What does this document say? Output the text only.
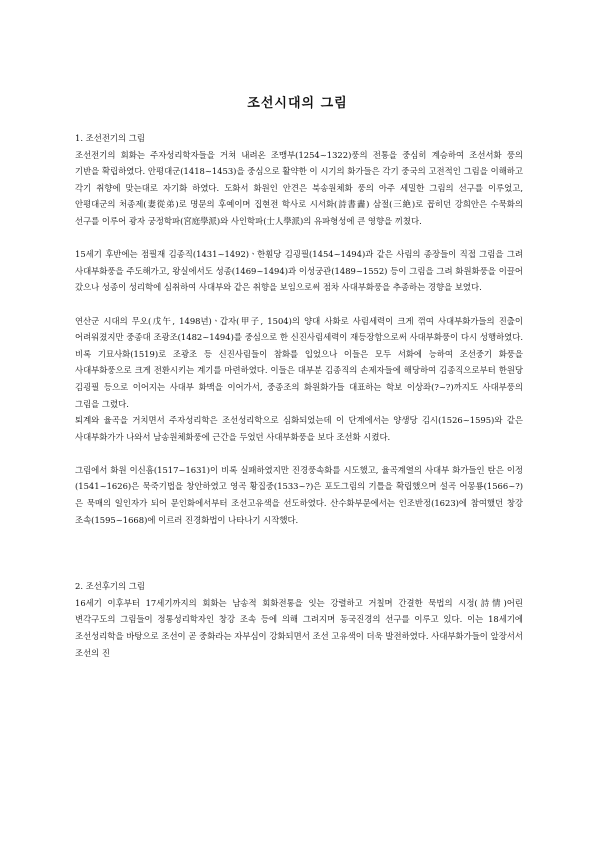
조선시대의 그림
1. 조선전기의 그림

조선전기의 회화는 주자성리학자들을 거쳐 내려온 조맹부(1254~1322)풍의 전통을 중심히 계승하여 조선서화 풍의 기반을 확립하였다. 안평대군(1418~1453)을 중심으로 활약한 이 시기의 화가들은 각기 중국의 고전적인 그림을 이해하고 각기 취향에 맞는대로 자기화 하였다. 도화서 화원인 안견은 북송원체화 풍의 아주 세밀한 그림의 선구를 이루었고, 안평대군의 처종제(妻從弟)로 명문의 후예이며 집현전 학사로 시서화(詩書畵) 삼절(三絶)로 꼽히던 강희안은 수묵화의 선구를 이루어 광자 궁정학파(宮庭學派)와 사인학파(士人學派)의 유파형성에 큰 영향을 끼쳤다.

15세기 후반에는 점필재 김종직(1431~1492)ㆍ한훤당 김굉필(1454~1494)과 같은 사림의 종장들이 직접 그림을 그려 사대부화풍을 주도해가고, 왕실에서도 성종(1469~1494)과 이성궁관(1489~1552) 등이 그림을 그려 화원화풍을 이끌어 갔으나 성종이 성리학에 심취하여 사대부와 같은 취향을 보임으로써 점차 사대부화풍을 추종하는 경향을 보였다.

연산군 시대의 무오(戊午, 1498년)ㆍ갑자(甲子, 1504)의 양대 사화로 사림세력이 크게 꺾여 사대부화가들의 진출이 어려워졌지만 중종대 조광조(1482~1494)를 중심으로 한 신진사림세력이 재등장함으로써 사대부화풍이 다시 성행하였다. 비록 기묘사화(1519)로 조광조 등 신진사림들이 참화를 입었으나 이들은 모두 서화에 능하여 조선중기 화풍을 사대부화풍으로 크게 전환시키는 계기를 마련하였다. 이들은 대부분 김종직의 손제자들에 해당하여 김종직으로부터 한원당 김굉필 등으로 이어지는 사대부 화맥을 이어가서, 중종조의 화원화가들 대표하는 학보 이상좌(?~?)까지도 사대부풍의 그림을 그렸다.

퇴계와 율곡을 거치면서 주자성리학은 조선성리학으로 심화되었는데 이 단계에서는 양생당 김시(1526~1595)와 같은 사대부화가가 나와서 남송원체화풍에 근간을 두었던 사대부화풍을 보다 조선화 시켰다.

그림에서 화원 이신흠(1517~1631)이 비록 실패하였지만 진경풍속화를 시도했고, 율곡계열의 사대부 화가들인 탄은 이정(1541~1626)은 묵죽기법을 창안하였고 영곡 황집중(1533~?)은 포도그림의 기틀을 확립했으며 설곡 어몽룡(1566~?)은 묵매의 일인자가 되어 문인화에서부터 조선고유색을 선도하였다. 산수화부문에서는 인조반정(1623)에 참여했던 창강 조속(1595~1668)에 이르러 진경화법이 나타나기 시작했다.

2. 조선후기의 그림

16세기 이후부터 17세기까지의 회화는 남송적 회화전통을 잇는 강렬하고 거칠며 간결한 묵법의 시정(詩情)어린 변각구도의 그림들이 정통성리학자인 창강 조속 등에 의해 그려지며 동국진경의 선구를 이루고 있다. 이는 18세기에 조선성리학을 바탕으로 조선이 곧 중화라는 자부심이 강화되면서 조선 고유색이 더욱 발전하였다. 사대부화가들이 앞장서서 조선의 진
